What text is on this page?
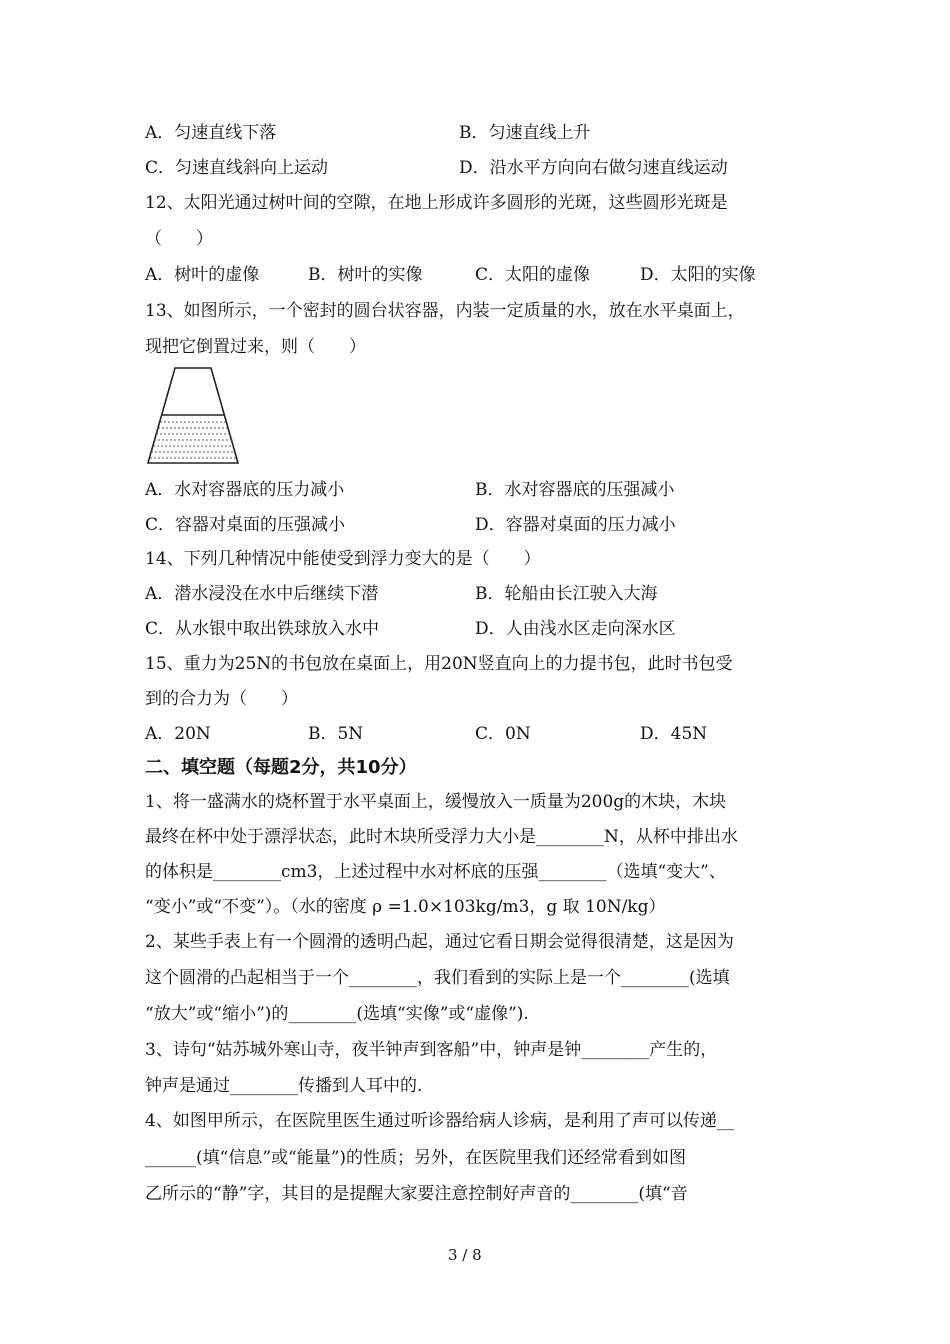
A．匀速直线下落	B．匀速直线上升
C．匀速直线斜向上运动	D．沿水平方向向右做匀速直线运动
12、太阳光通过树叶间的空隙，在地上形成许多圆形的光斑，这些圆形光斑是
（　　）
A．树叶的虚像	B．树叶的实像	C．太阳的虚像	D．太阳的实像
13、如图所示，一个密封的圆台状容器，内装一定质量的水，放在水平桌面上，
现把它倒置过来，则（　　）
A．水对容器底的压力减小	B．水对容器底的压强减小
C．容器对桌面的压强减小	D．容器对桌面的压力减小
14、下列几种情况中能使受到浮力变大的是（　　）
A．潜水浸没在水中后继续下潜	B．轮船由长江驶入大海
C．从水银中取出铁球放入水中	D．人由浅水区走向深水区
15、重力为25N的书包放在桌面上，用20N竖直向上的力提书包，此时书包受
到的合力为（　　）
A．20N	B．5N	C．0N	D．45N
二、填空题（每题2分，共10分）
1、将一盛满水的烧杯置于水平桌面上，缓慢放入一质量为200g的木块，木块
最终在杯中处于漂浮状态，此时木块所受浮力大小是________N，从杯中排出水
的体积是________cm3，上述过程中水对杯底的压强________（选填“变大”、
“变小”或“不变”）。（水的密度 ρ =1.0×103kg/m3，g 取 10N/kg）
2、某些手表上有一个圆滑的透明凸起，通过它看日期会觉得很清楚，这是因为
这个圆滑的凸起相当于一个________，我们看到的实际上是一个________(选填
“放大”或“缩小”)的________(选填“实像”或“虚像”).
3、诗句“姑苏城外寒山寺，夜半钟声到客船”中，钟声是钟________产生的，
钟声是通过________传播到人耳中的.
4、如图甲所示，在医院里医生通过听诊器给病人诊病，是利用了声可以传递__
______(填“信息”或“能量”)的性质；另外，在医院里我们还经常看到如图
乙所示的“静”字，其目的是提醒大家要注意控制好声音的________(填“音
3 / 8
